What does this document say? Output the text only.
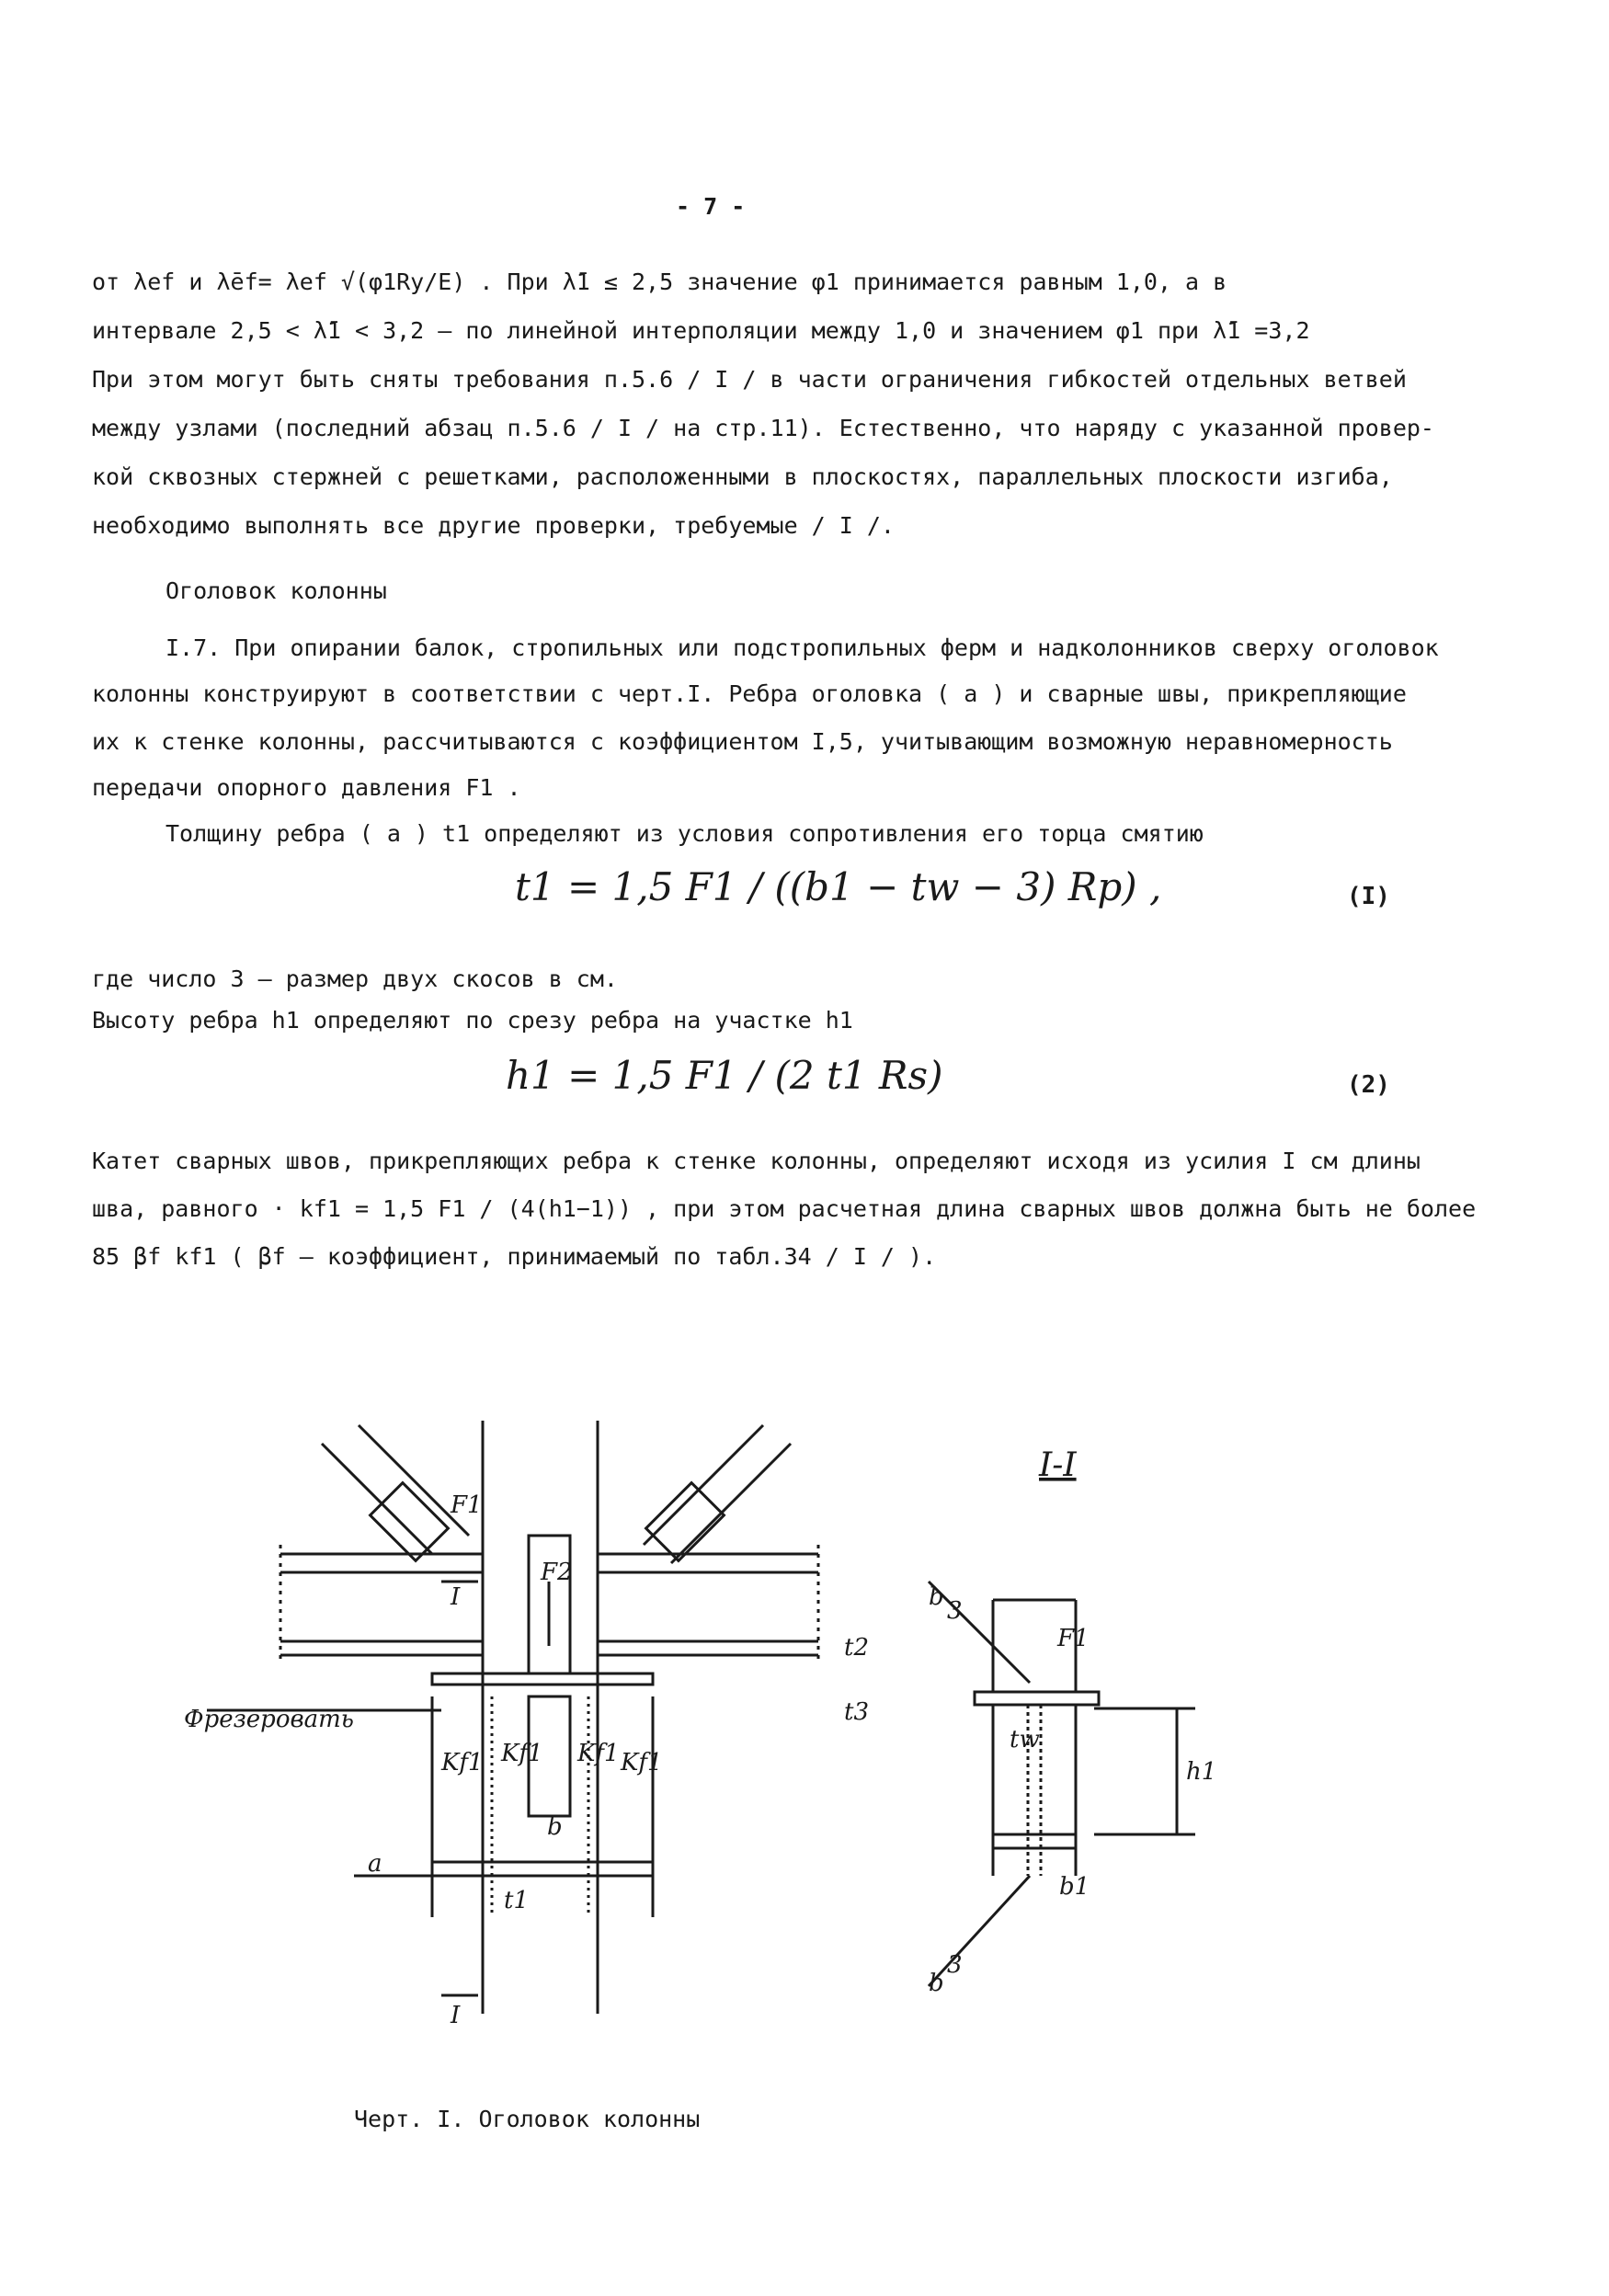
- 7 -
от λef и λ̄ef= λef √(φ1Ry/E) . При λ̄1 ≤ 2,5 значение φ1 принимается равным 1,0, а в
интервале 2,5 < λ̄1 < 3,2 – по линейной интерполяции между 1,0 и значением φ1 при λ̄1 =3,2
При этом могут быть сняты требования п.5.6 / I / в части ограничения гибкостей отдельных ветвей
между узлами (последний абзац п.5.6 / I / на стр.11). Естественно, что наряду с указанной провер-
кой сквозных стержней с решетками, расположенными в плоскостях, параллельных плоскости изгиба,
необходимо выполнять все другие проверки, требуемые / I /.
Оголовок колонны
I.7. При опирании балок, стропильных или подстропильных ферм и надколонников сверху оголовок
колонны конструируют в соответствии с черт.I. Ребра оголовка ( a ) и сварные швы, прикрепляющие
их к стенке колонны, рассчитываются с коэффициентом I,5, учитывающим возможную неравномерность
передачи опорного давления F1 .
Толщину ребра ( a ) t1 определяют из условия сопротивления его торца смятию
t1 = 1,5 F1 / ((b1 − tw − 3) Rp) ,	(I)
где число 3 – размер двух скосов в см.
Высоту ребра h1 определяют по срезу ребра на участке h1
h1 = 1,5 F1 / (2 t1 Rs)	(2)
Катет сварных швов, прикрепляющих ребра к стенке колонны, определяют исходя из усилия I см длины
шва, равного · kf1 = 1,5 F1 / (4(h1−1)) , при этом расчетная длина сварных швов должна быть не более
85 βf kf1 ( βf – коэффициент, принимаемый по табл.34 / I / ).
F1
F2
Фрезеровать
a
Kf1 Kf1 Kf1 Kf1
b
t1
t2
t3
I
I
I-I
F1
tw
h1
b1
b 3
b
3
Черт. I. Оголовок колонны
